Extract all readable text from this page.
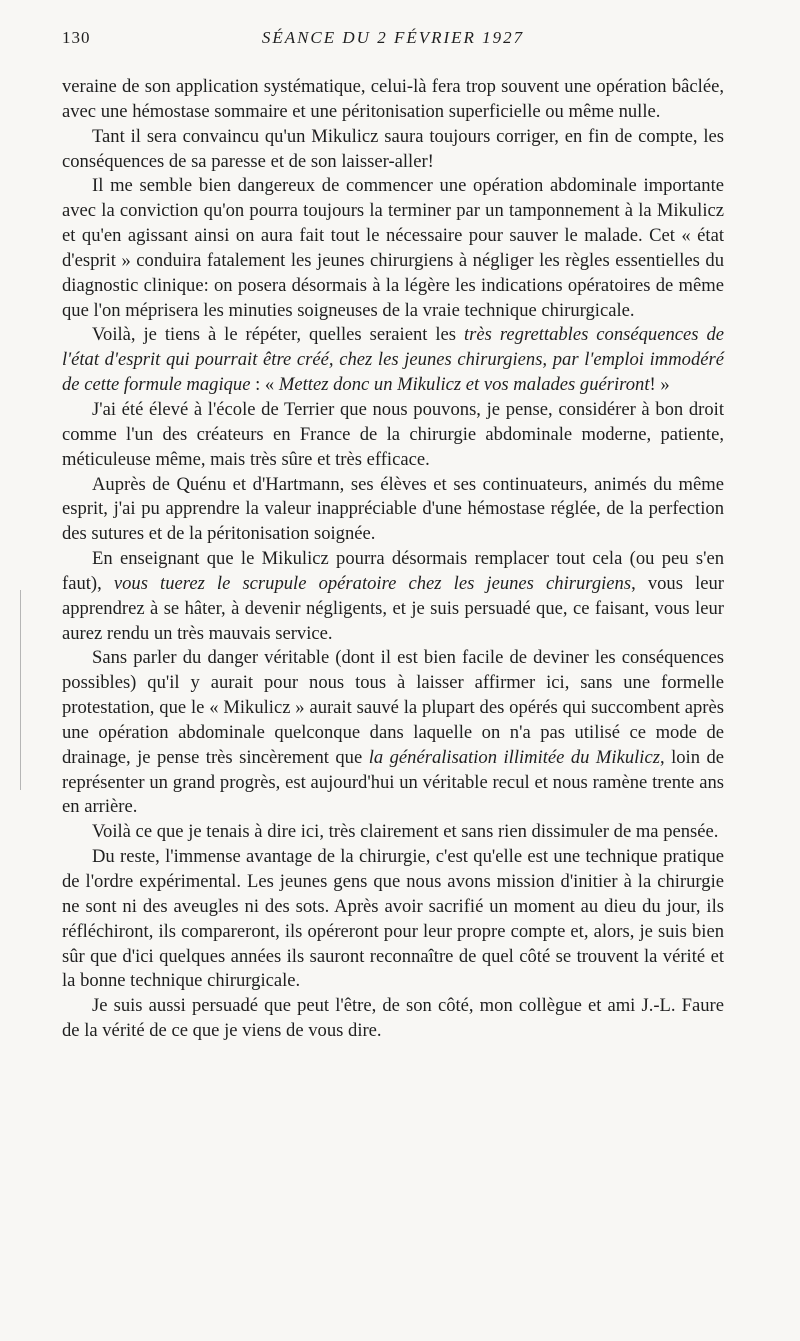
130	SÉANCE DU 2 FÉVRIER 1927

veraine de son application systématique, celui-là fera trop souvent une opération bâclée, avec une hémostase sommaire et une péritonisation superficielle ou même nulle.

Tant il sera convaincu qu'un Mikulicz saura toujours corriger, en fin de compte, les conséquences de sa paresse et de son laisser-aller!

Il me semble bien dangereux de commencer une opération abdominale importante avec la conviction qu'on pourra toujours la terminer par un tamponnement à la Mikulicz et qu'en agissant ainsi on aura fait tout le nécessaire pour sauver le malade. Cet « état d'esprit » conduira fatalement les jeunes chirurgiens à négliger les règles essentielles du diagnostic clinique: on posera désormais à la légère les indications opératoires de même que l'on méprisera les minuties soigneuses de la vraie technique chirurgicale.

Voilà, je tiens à le répéter, quelles seraient les très regrettables conséquences de l'état d'esprit qui pourrait être créé, chez les jeunes chirurgiens, par l'emploi immodéré de cette formule magique : « Mettez donc un Mikulicz et vos malades guériront! »

J'ai été élevé à l'école de Terrier que nous pouvons, je pense, considérer à bon droit comme l'un des créateurs en France de la chirurgie abdominale moderne, patiente, méticuleuse même, mais très sûre et très efficace.

Auprès de Quénu et d'Hartmann, ses élèves et ses continuateurs, animés du même esprit, j'ai pu apprendre la valeur inappréciable d'une hémostase réglée, de la perfection des sutures et de la péritonisation soignée.

En enseignant que le Mikulicz pourra désormais remplacer tout cela (ou peu s'en faut), vous tuerez le scrupule opératoire chez les jeunes chirurgiens, vous leur apprendrez à se hâter, à devenir négligents, et je suis persuadé que, ce faisant, vous leur aurez rendu un très mauvais service.

Sans parler du danger véritable (dont il est bien facile de deviner les conséquences possibles) qu'il y aurait pour nous tous à laisser affirmer ici, sans une formelle protestation, que le « Mikulicz » aurait sauvé la plupart des opérés qui succombent après une opération abdominale quelconque dans laquelle on n'a pas utilisé ce mode de drainage, je pense très sincèrement que la généralisation illimitée du Mikulicz, loin de représenter un grand progrès, est aujourd'hui un véritable recul et nous ramène trente ans en arrière.

Voilà ce que je tenais à dire ici, très clairement et sans rien dissimuler de ma pensée.

Du reste, l'immense avantage de la chirurgie, c'est qu'elle est une technique pratique de l'ordre expérimental. Les jeunes gens que nous avons mission d'initier à la chirurgie ne sont ni des aveugles ni des sots. Après avoir sacrifié un moment au dieu du jour, ils réfléchiront, ils compareront, ils opéreront pour leur propre compte et, alors, je suis bien sûr que d'ici quelques années ils sauront reconnaître de quel côté se trouvent la vérité et la bonne technique chirurgicale.

Je suis aussi persuadé que peut l'être, de son côté, mon collègue et ami J.-L. Faure de la vérité de ce que je viens de vous dire.
